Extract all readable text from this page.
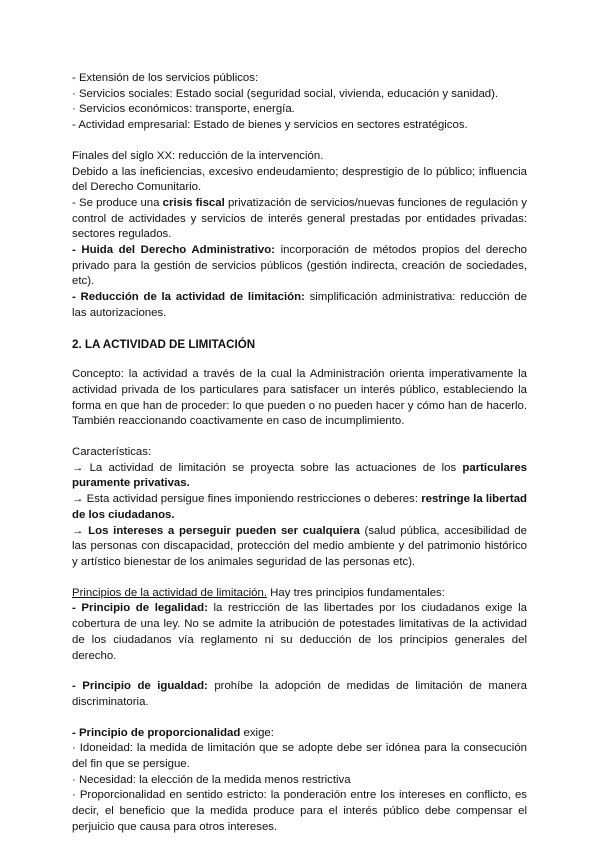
- Extensión de los servicios públicos:

· Servicios sociales: Estado social (seguridad social, vivienda, educación y sanidad).

· Servicios económicos: transporte, energía.

- Actividad empresarial: Estado de bienes y servicios en sectores estratégicos.

Finales del siglo XX: reducción de la intervención.

Debido a las ineficiencias, excesivo endeudamiento; desprestigio de lo público; influencia del Derecho Comunitario.

- Se produce una crisis fiscal privatización de servicios/nuevas funciones de regulación y control de actividades y servicios de interés general prestadas por entidades privadas: sectores regulados.

- Huida del Derecho Administrativo: incorporación de métodos propios del derecho privado para la gestión de servicios públicos (gestión indirecta, creación de sociedades, etc).

- Reducción de la actividad de limitación: simplificación administrativa: reducción de las autorizaciones.

2. LA ACTIVIDAD DE LIMITACIÓN

Concepto: la actividad a través de la cual la Administración orienta imperativamente la actividad privada de los particulares para satisfacer un interés público, estableciendo la forma en que han de proceder: lo que pueden o no pueden hacer y cómo han de hacerlo. También reaccionando coactivamente en caso de incumplimiento.

Características:

→ La actividad de limitación se proyecta sobre las actuaciones de los particulares puramente privativas.

→ Esta actividad persigue fines imponiendo restricciones o deberes: restringe la libertad de los ciudadanos.

→ Los intereses a perseguir pueden ser cualquiera (salud pública, accesibilidad de las personas con discapacidad, protección del medio ambiente y del patrimonio histórico y artístico bienestar de los animales seguridad de las personas etc).

Principios de la actividad de limitación. Hay tres principios fundamentales:

- Principio de legalidad: la restricción de las libertades por los ciudadanos exige la cobertura de una ley. No se admite la atribución de potestades limitativas de la actividad de los ciudadanos vía reglamento ni su deducción de los principios generales del derecho.

- Principio de igualdad: prohíbe la adopción de medidas de limitación de manera discriminatoria.

- Principio de proporcionalidad exige:

· Idoneidad: la medida de limitación que se adopte debe ser idónea para la consecución del fin que se persigue.

· Necesidad: la elección de la medida menos restrictiva

· Proporcionalidad en sentido estricto: la ponderación entre los intereses en conflicto, es decir, el beneficio que la medida produce para el interés público debe compensar el perjuicio que causa para otros intereses.
